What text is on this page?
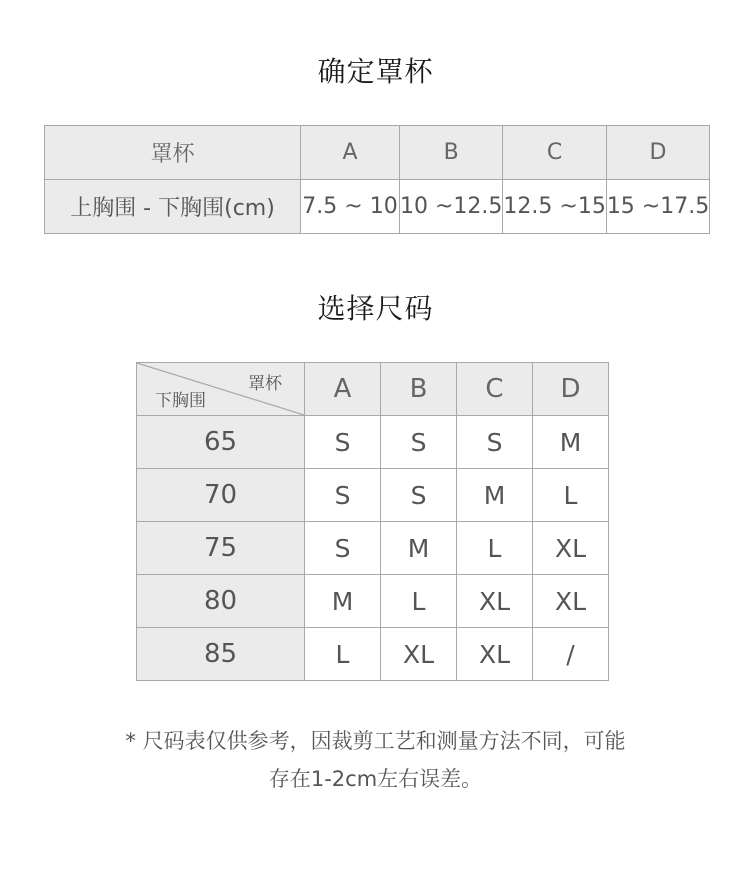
确定罩杯
罩杯	A	B	C	D
上胸围 - 下胸围(cm)	7.5 ~ 10	10 ~12.5	12.5 ~15	15 ~17.5
选择尺码
罩杯
下胸围	A	B	C	D
65	S	S	S	M
70	S	S	M	L
75	S	M	L	XL
80	M	L	XL	XL
85	L	XL	XL	/
* 尺码表仅供参考，因裁剪工艺和测量方法不同，可能
存在1-2cm左右误差。
